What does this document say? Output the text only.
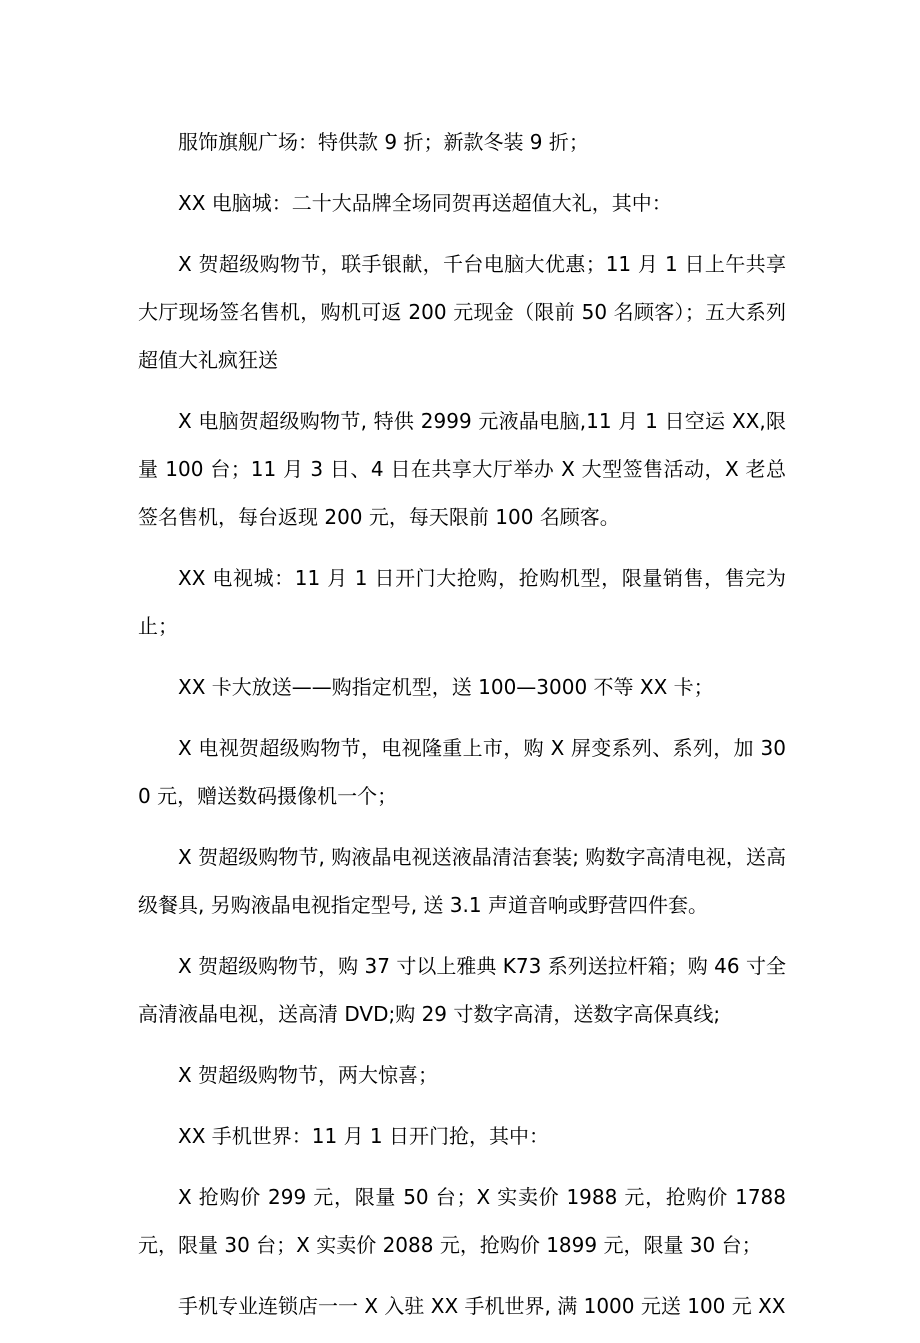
服饰旗舰广场：特供款 9 折；新款冬装 9 折；

XX 电脑城：二十大品牌全场同贺再送超值大礼，其中：

X 贺超级购物节，联手银献，千台电脑大优惠；11 月 1 日上午共享大厅现场签名售机，购机可返 200 元现金（限前 50 名顾客）；五大系列超值大礼疯狂送

X 电脑贺超级购物节, 特供 2999 元液晶电脑,11 月 1 日空运 XX,限量 100 台；11 月 3 日、4 日在共享大厅举办 X 大型签售活动，X 老总签名售机，每台返现 200 元，每天限前 100 名顾客。

XX 电视城：11 月 1 日开门大抢购，抢购机型，限量销售，售完为止；

XX 卡大放送——购指定机型，送 100—3000 不等 XX 卡；

X 电视贺超级购物节，电视隆重上市，购 X 屏变系列、系列，加 300 元，赠送数码摄像机一个；

X 贺超级购物节, 购液晶电视送液晶清洁套装; 购数字高清电视，送高级餐具, 另购液晶电视指定型号, 送 3.1 声道音响或野营四件套。

X 贺超级购物节，购 37 寸以上雅典 K73 系列送拉杆箱；购 46 寸全高清液晶电视，送高清 DVD;购 29 寸数字高清，送数字高保真线;

X 贺超级购物节，两大惊喜；

XX 手机世界：11 月 1 日开门抢，其中：

X 抢购价 299 元，限量 50 台；X 实卖价 1988 元，抢购价 1788 元，限量 30 台；X 实卖价 2088 元，抢购价 1899 元，限量 30 台；

手机专业连锁店一一 X 入驻 XX 手机世界, 满 1000 元送 100 元 XX
